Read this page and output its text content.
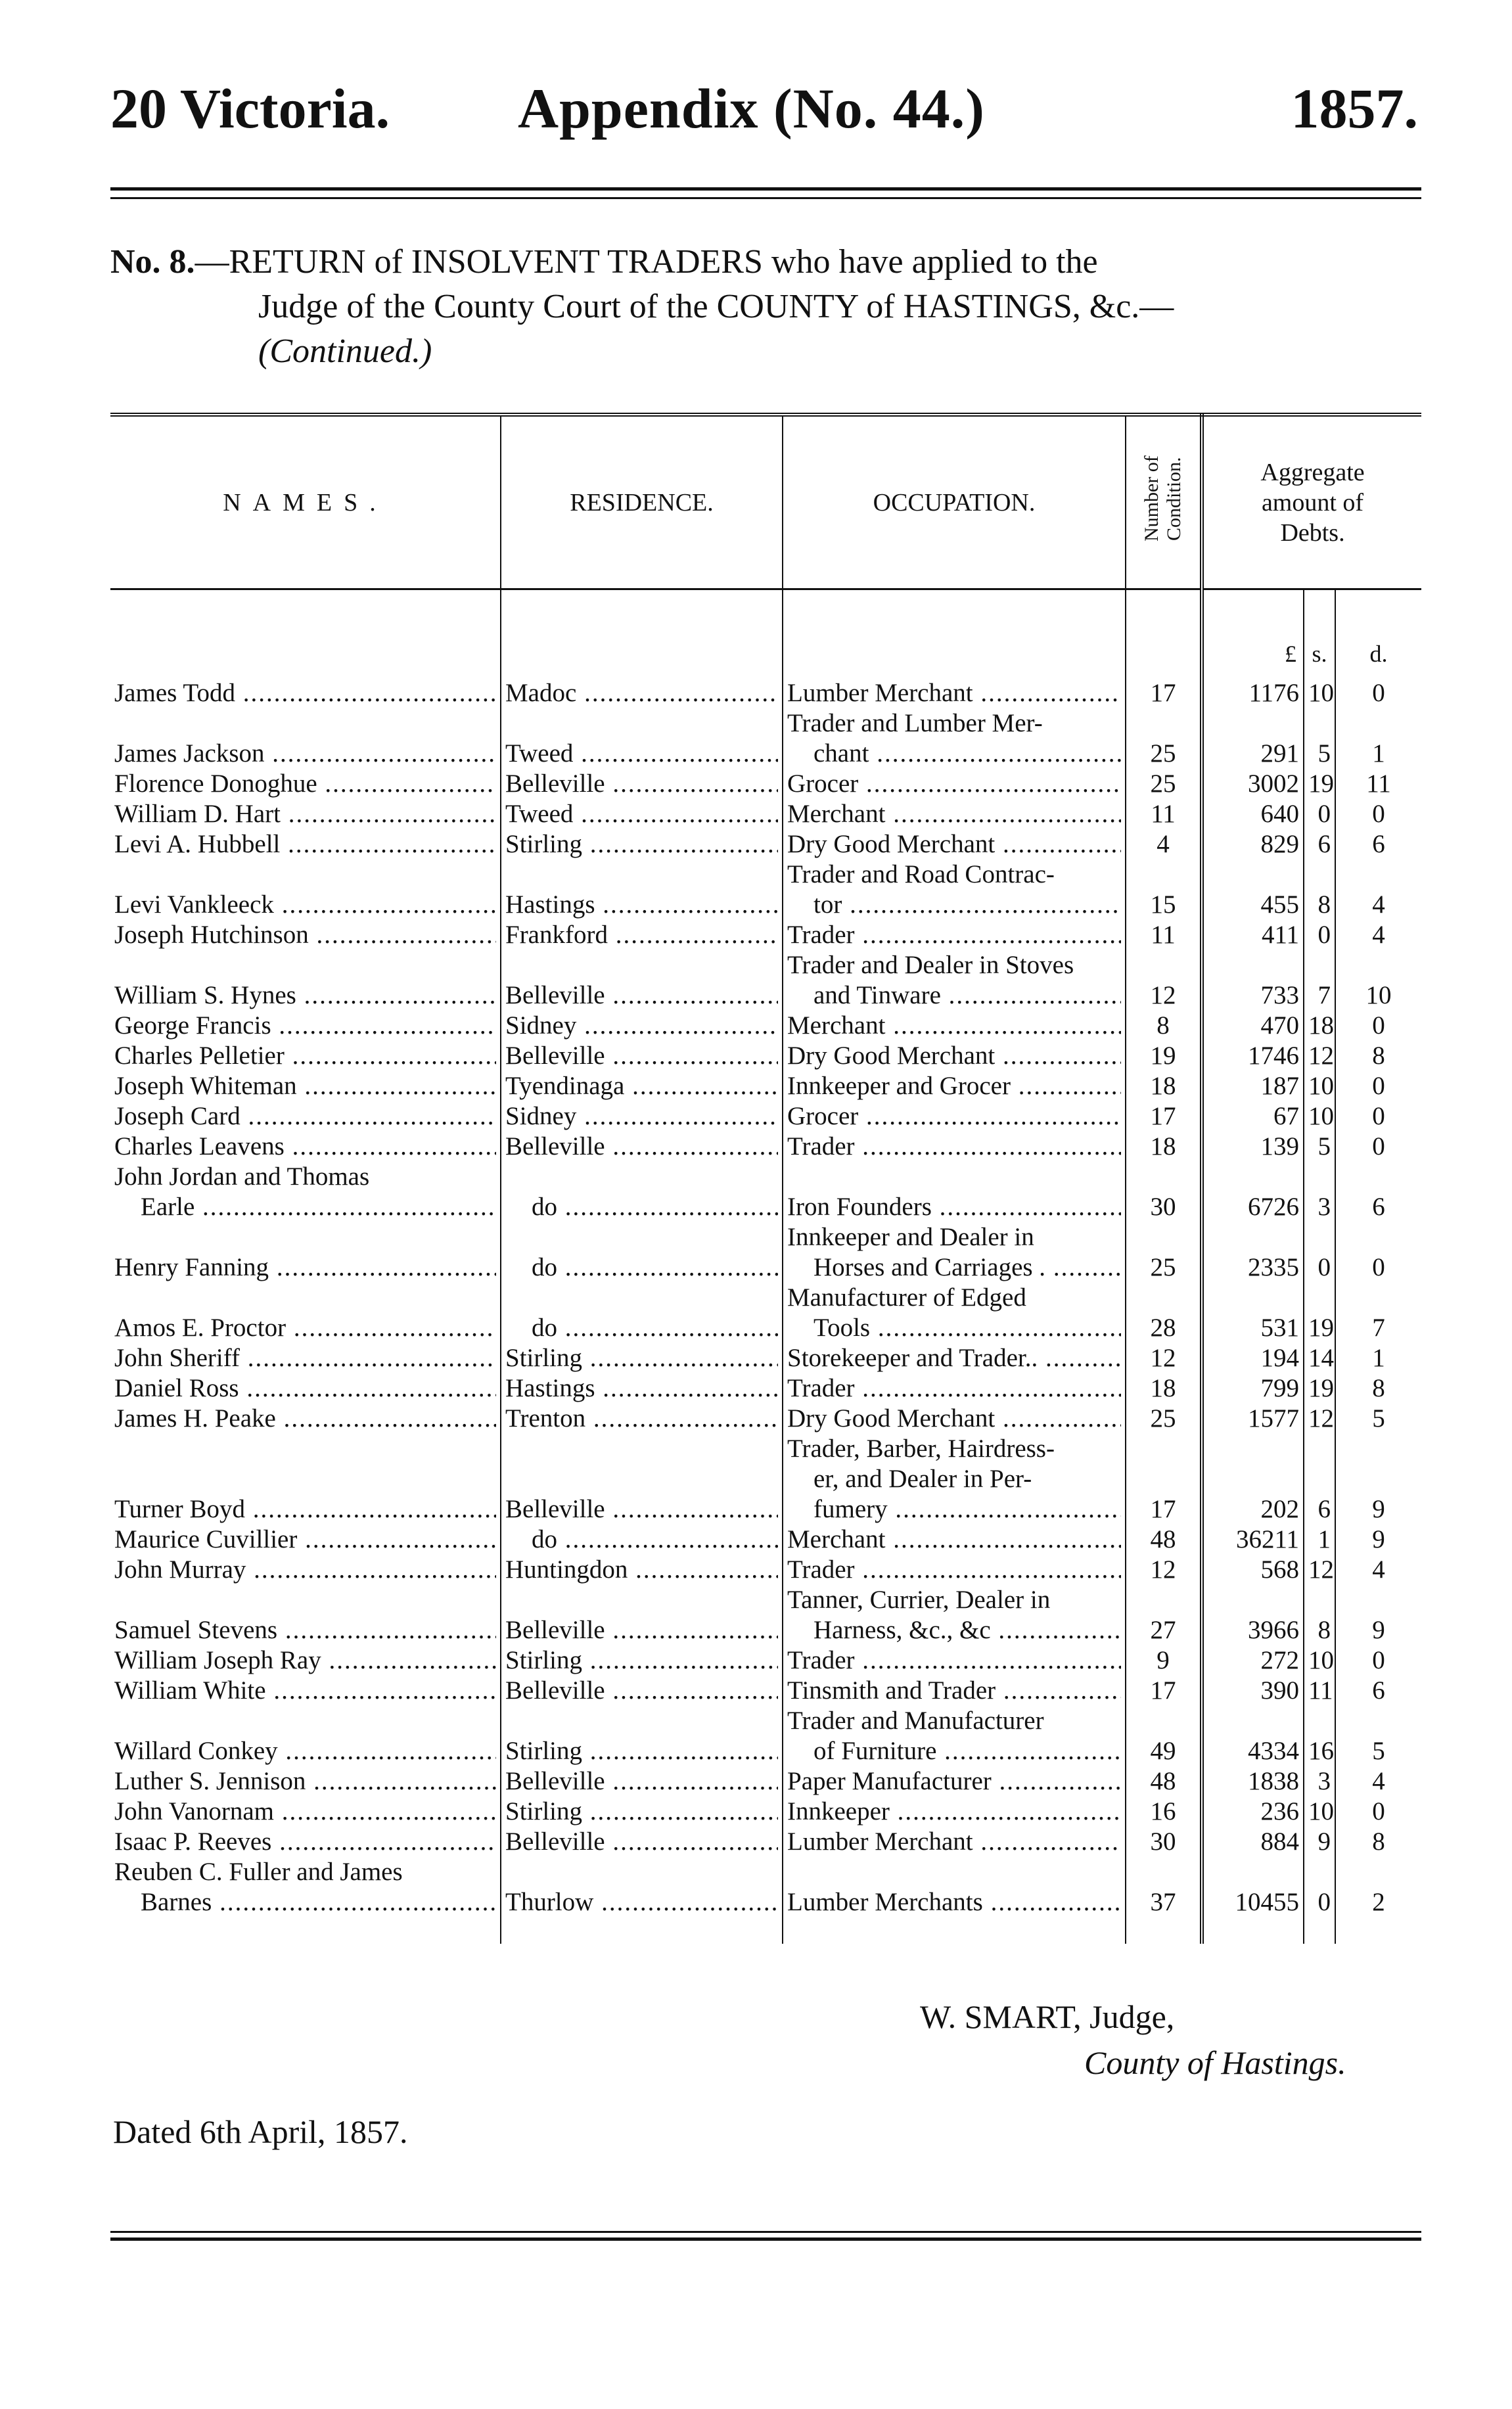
20 Victoria. Appendix (No. 44.)	1857.
No. 8.—RETURN of INSOLVENT TRADERS who have applied to the
Judge of the County Court of the COUNTY of HASTINGS, &c.—
(Continued.)
NAMES.	RESIDENCE.	OCCUPATION.	Number of Condition.	Aggregate amount of Debts.		

				£	s.	d.

James Todd .....	Madoc .....	Lumber Merchant .....	17	1176	10	0

James Jackson .....	Tweed .....	Trader and Lumber Mer-
chant .....	25	291	5	1

Florence Donoghue .....	Belleville .....	Grocer .....	25	3002	19	11

William D. Hart .....	Tweed .....	Merchant .....	11	640	0	0

Levi A. Hubbell .....	Stirling .....	Dry Good Merchant .....	4	829	6	6

Levi Vankleeck .....	Hastings .....	Trader and Road Contrac-
tor .....	15	455	8	4

Joseph Hutchinson .....	Frankford .....	Trader .....	11	411	0	4

William S. Hynes .....	Belleville .....	Trader and Dealer in Stoves
and Tinware .....	12	733	7	10

George Francis .....	Sidney .....	Merchant .....	8	470	18	0

Charles Pelletier .....	Belleville .....	Dry Good Merchant .....	19	1746	12	8

Joseph Whiteman .....	Tyendinaga .....	Innkeeper and Grocer .....	18	187	10	0

Joseph Card .....	Sidney .....	Grocer .....	17	67	10	0

Charles Leavens .....	Belleville .....	Trader .....	18	139	5	0

John Jordan and Thomas
Earle .....	do .....	Iron Founders .....	30	6726	3	6

Henry Fanning .....	do .....	Innkeeper and Dealer in
Horses and Carriages . .....	25	2335	0	0

Amos E. Proctor .....	do .....	Manufacturer of Edged
Tools .....	28	531	19	7

John Sheriff .....	Stirling .....	Storekeeper and Trader.. .....	12	194	14	1

Daniel Ross .....	Hastings .....	Trader .....	18	799	19	8

James H. Peake .....	Trenton .....	Dry Good Merchant .....	25	1577	12	5

Turner Boyd .....	Belleville .....	Trader, Barber, Hairdress-
er, and Dealer in Per-
fumery .....	17	202	6	9

Maurice Cuvillier .....	do .....	Merchant .....	48	36211	1	9

John Murray .....	Huntingdon .....	Trader .....	12	568	12	4

Samuel Stevens .....	Belleville .....	Tanner, Currier, Dealer in
Harness, &c., &c .....	27	3966	8	9

William Joseph Ray .....	Stirling .....	Trader .....	9	272	10	0

William White .....	Belleville .....	Tinsmith and Trader .....	17	390	11	6

Willard Conkey .....	Stirling .....	Trader and Manufacturer
of Furniture .....	49	4334	16	5

Luther S. Jennison .....	Belleville .....	Paper Manufacturer .....	48	1838	3	4

John Vanornam .....	Stirling .....	Innkeeper .....	16	236	10	0

Isaac P. Reeves .....	Belleville .....	Lumber Merchant .....	30	884	9	8

Reuben C. Fuller and James
Barnes .....	Thurlow .....	Lumber Merchants .....	37	10455	0	2
W. SMART, Judge,
County of Hastings.
Dated 6th April, 1857.
